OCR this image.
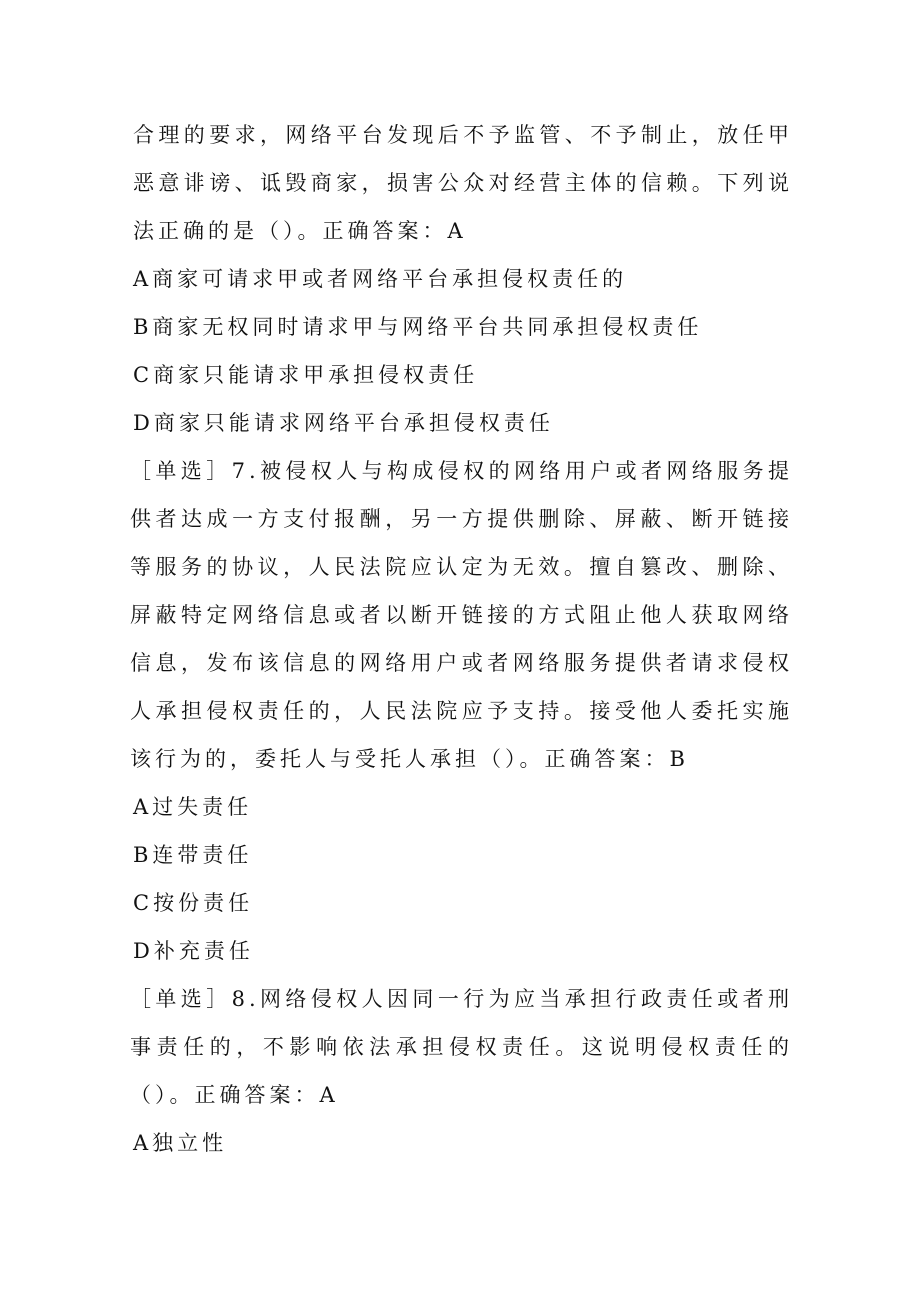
合理的要求，网络平台发现后不予监管、不予制止，放任甲恶意诽谤、诋毁商家，损害公众对经营主体的信赖。下列说法正确的是（）。正确答案：A

A商家可请求甲或者网络平台承担侵权责任的

B商家无权同时请求甲与网络平台共同承担侵权责任

C商家只能请求甲承担侵权责任

D商家只能请求网络平台承担侵权责任

［单选］7.被侵权人与构成侵权的网络用户或者网络服务提供者达成一方支付报酬，另一方提供删除、屏蔽、断开链接等服务的协议，人民法院应认定为无效。擅自篡改、删除、屏蔽特定网络信息或者以断开链接的方式阻止他人获取网络信息，发布该信息的网络用户或者网络服务提供者请求侵权人承担侵权责任的，人民法院应予支持。接受他人委托实施该行为的，委托人与受托人承担（）。正确答案：B

A过失责任

B连带责任

C按份责任

D补充责任

［单选］8.网络侵权人因同一行为应当承担行政责任或者刑事责任的，不影响依法承担侵权责任。这说明侵权责任的（）。正确答案：A

A独立性
